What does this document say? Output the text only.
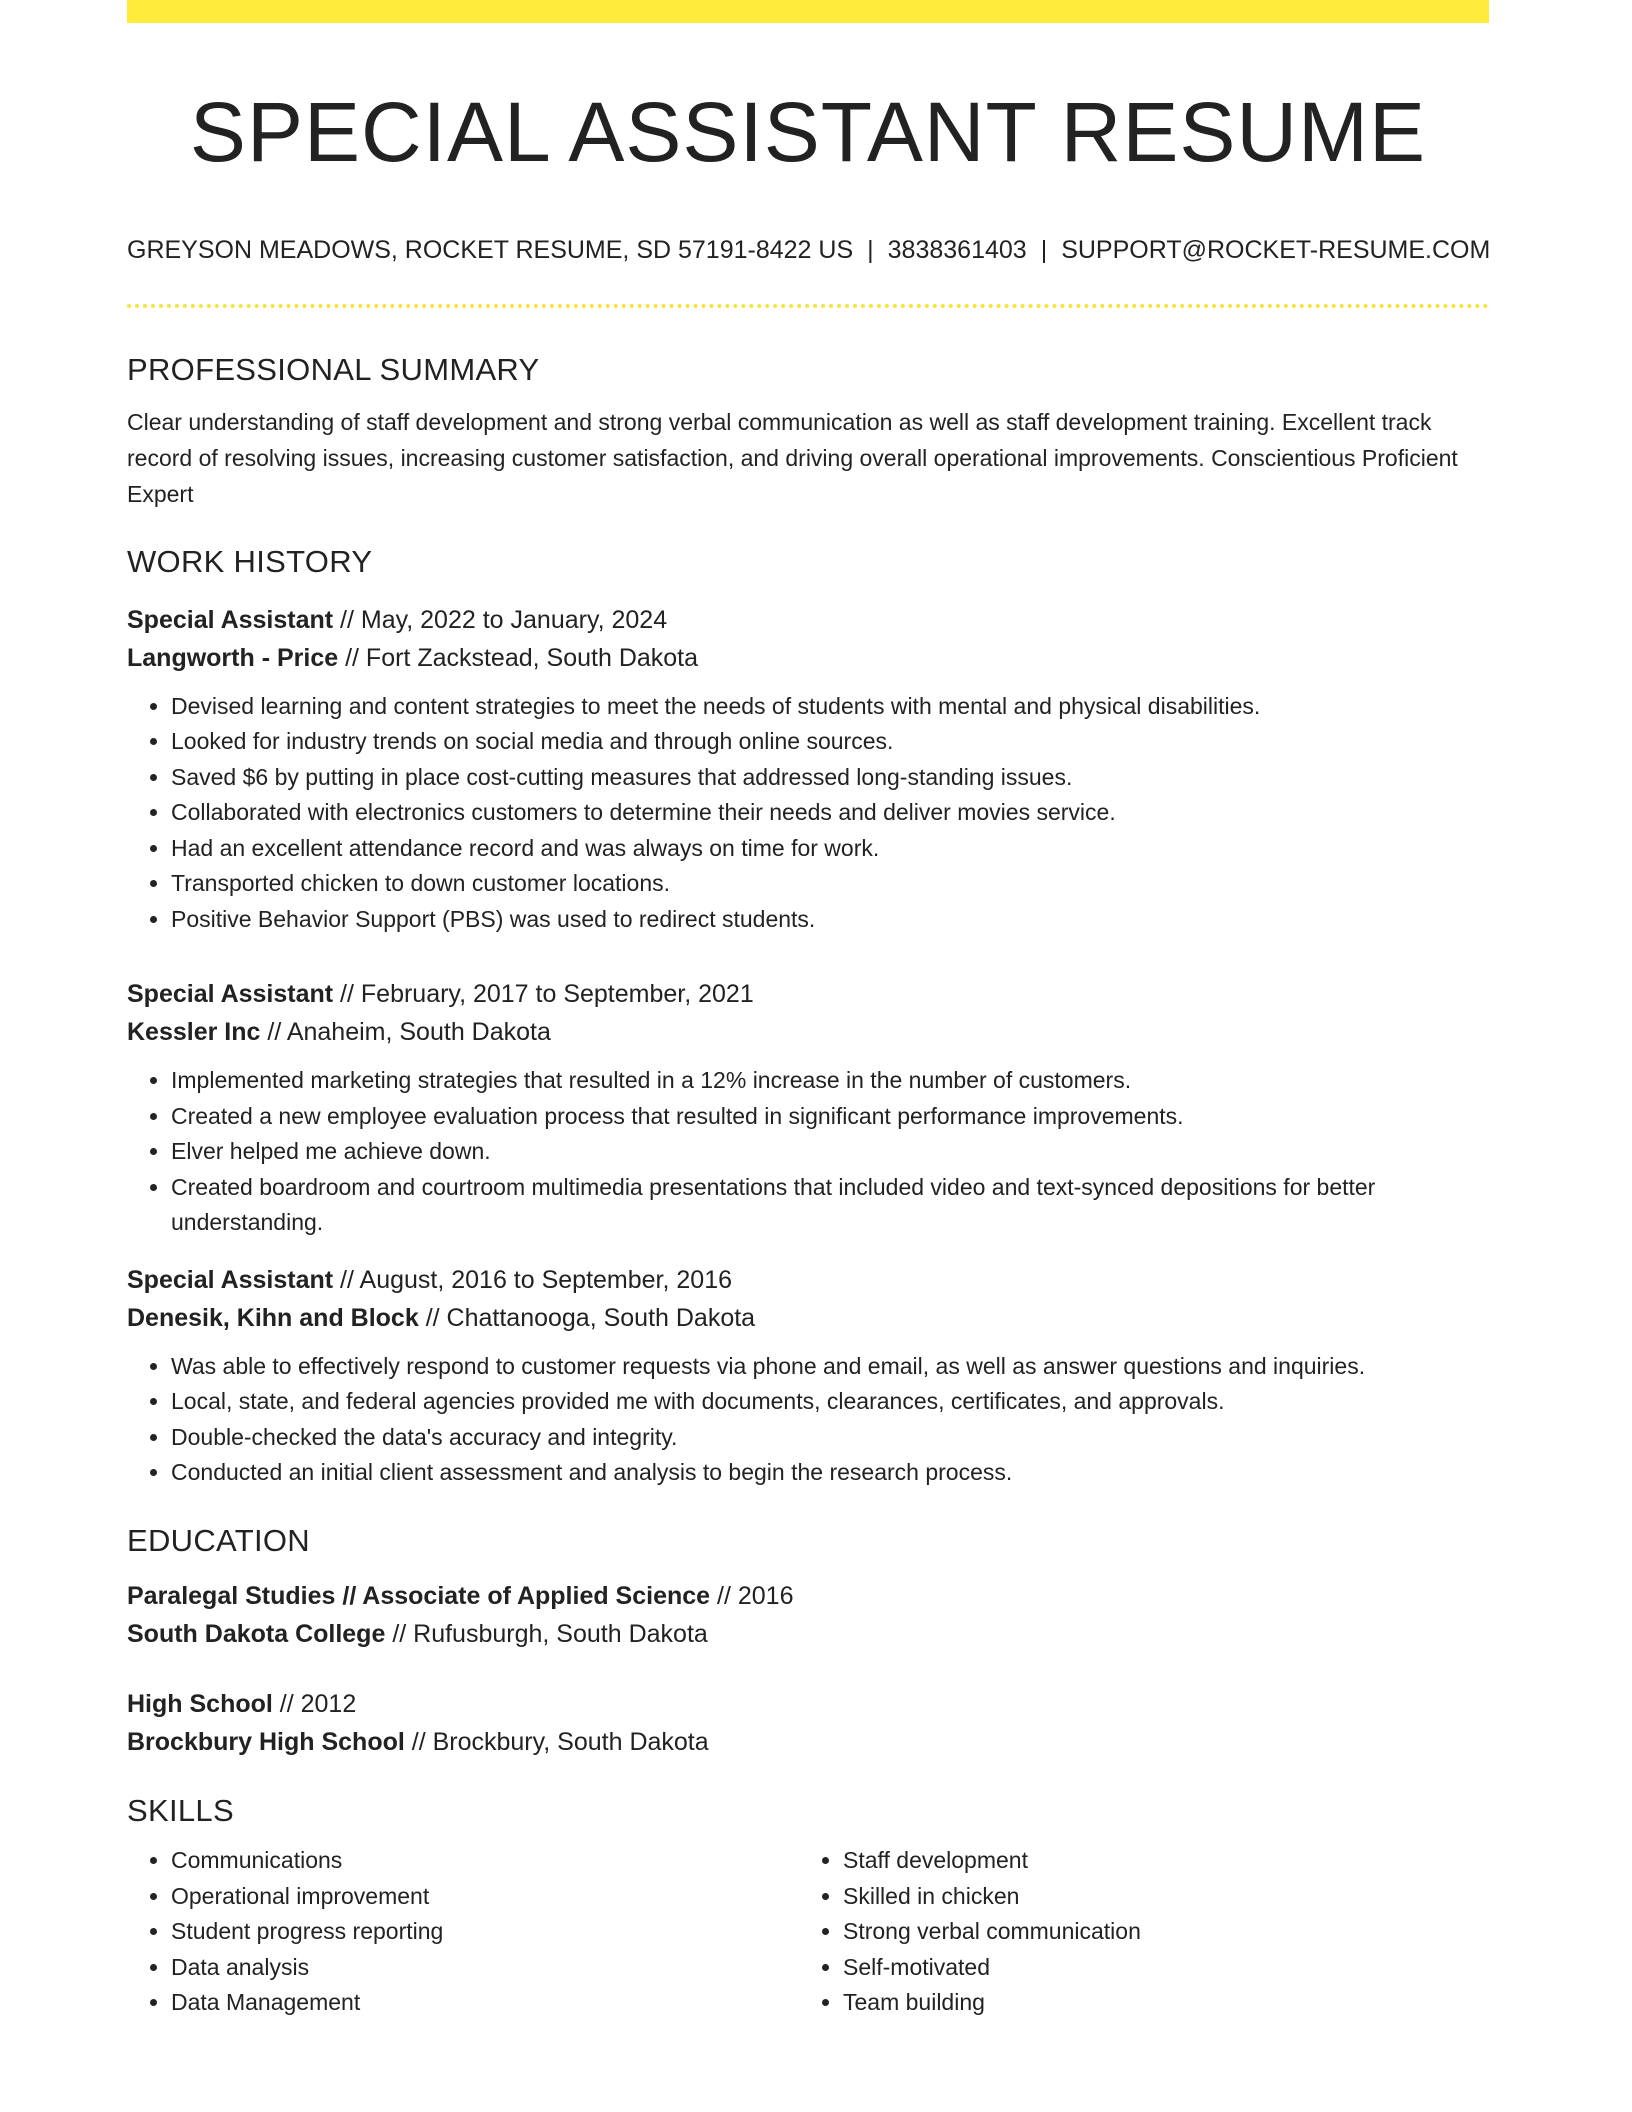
SPECIAL ASSISTANT RESUME
GREYSON MEADOWS, ROCKET RESUME, SD 57191-8422 US | 3838361403 | SUPPORT@ROCKET-RESUME.COM
PROFESSIONAL SUMMARY

Clear understanding of staff development and strong verbal communication as well as staff development training. Excellent track record of resolving issues, increasing customer satisfaction, and driving overall operational improvements. Conscientious Proficient Expert

WORK HISTORY
Special Assistant // May, 2022 to January, 2024
Langworth - Price // Fort Zackstead, South Dakota
• Devised learning and content strategies to meet the needs of students with mental and physical disabilities.
• Looked for industry trends on social media and through online sources.
• Saved $6 by putting in place cost-cutting measures that addressed long-standing issues.
• Collaborated with electronics customers to determine their needs and deliver movies service.
• Had an excellent attendance record and was always on time for work.
• Transported chicken to down customer locations.
• Positive Behavior Support (PBS) was used to redirect students.
Special Assistant // February, 2017 to September, 2021
Kessler Inc // Anaheim, South Dakota
• Implemented marketing strategies that resulted in a 12% increase in the number of customers.
• Created a new employee evaluation process that resulted in significant performance improvements.
• Elver helped me achieve down.
• Created boardroom and courtroom multimedia presentations that included video and text-synced depositions for better understanding.
Special Assistant // August, 2016 to September, 2016
Denesik, Kihn and Block // Chattanooga, South Dakota
• Was able to effectively respond to customer requests via phone and email, as well as answer questions and inquiries.
• Local, state, and federal agencies provided me with documents, clearances, certificates, and approvals.
• Double-checked the data's accuracy and integrity.
• Conducted an initial client assessment and analysis to begin the research process.
EDUCATION
Paralegal Studies // Associate of Applied Science // 2016
South Dakota College // Rufusburgh, South Dakota
High School // 2012
Brockbury High School // Brockbury, South Dakota
SKILLS
• Communications
• Operational improvement
• Student progress reporting
• Data analysis
• Data Management
• Staff development
• Skilled in chicken
• Strong verbal communication
• Self-motivated
• Team building
